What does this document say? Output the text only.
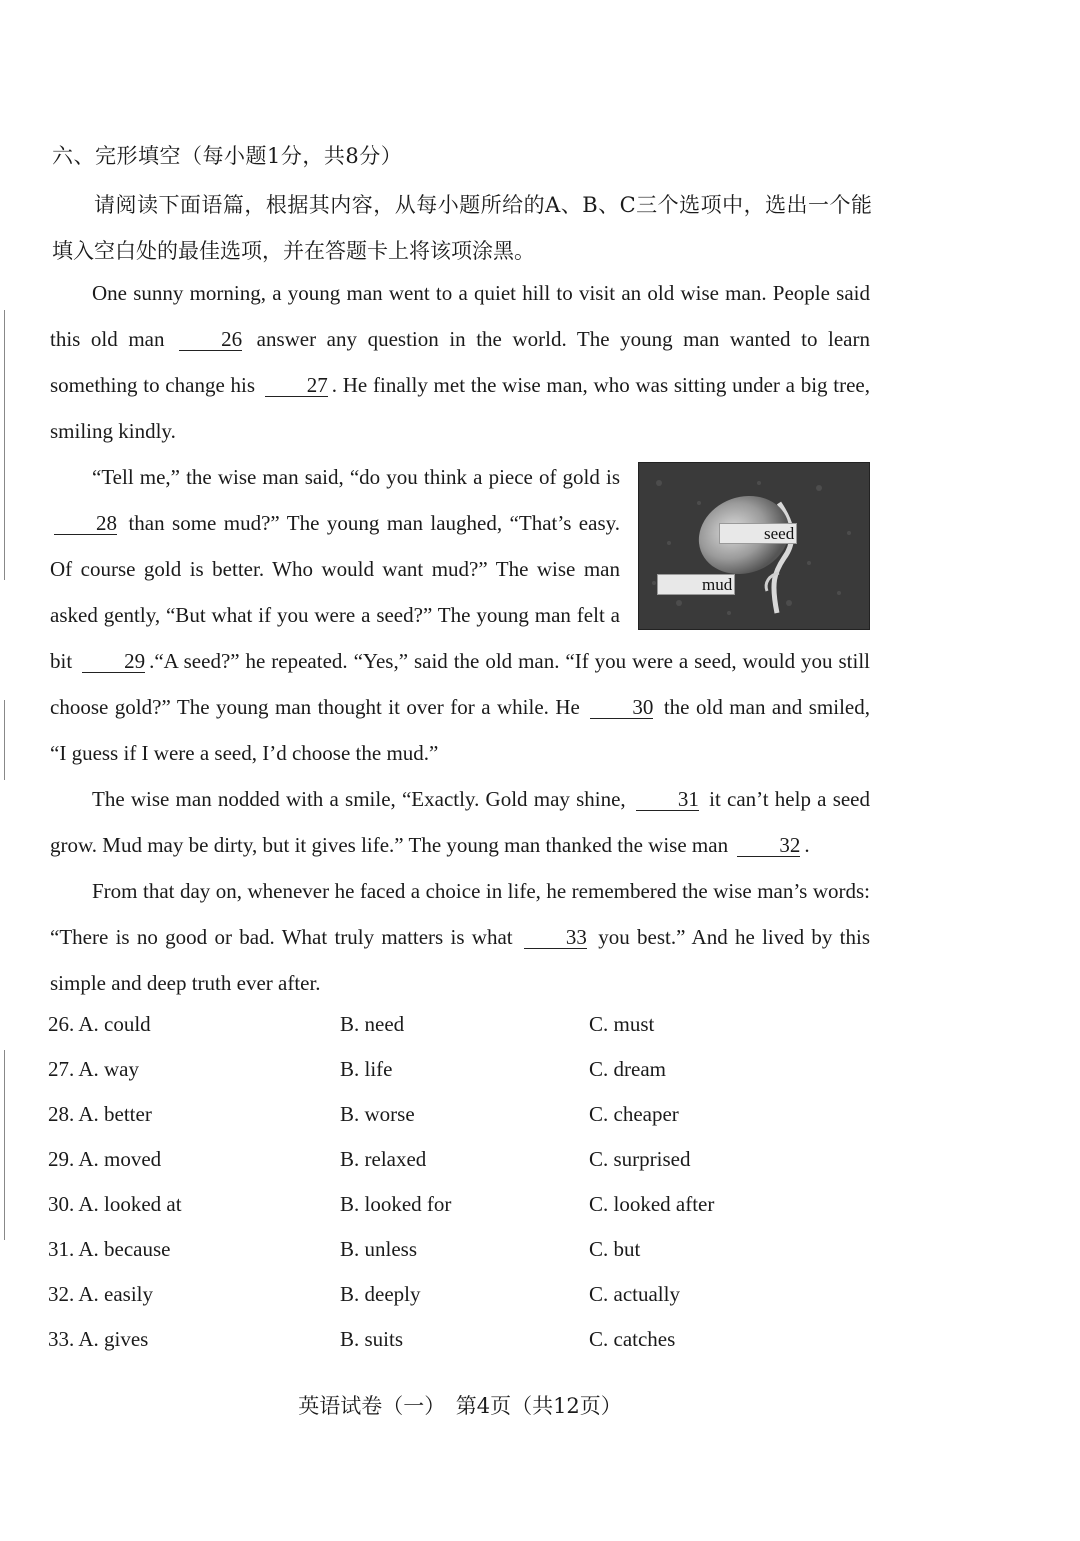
六、完形填空（每小题1分，共8分）
请阅读下面语篇，根据其内容，从每小题所给的A、B、C三个选项中，选出一个能填入空白处的最佳选项，并在答题卡上将该项涂黑。

One sunny morning, a young man went to a quiet hill to visit an old wise man. People said this old man	26 answer any question in the world. The young man wanted to learn something to change his 27 . He finally met the wise man, who was sitting under a big tree, smiling kindly.

seed
mud
“Tell me,” the wise man said, “do you think a piece of gold is 28 than some mud?” The young man laughed, “That’s easy. Of course gold is better. Who would want mud?” The wise man asked gently, “But what if you were a seed?” The young man felt a bit 29 .“A seed?” he repeated. “Yes,” said the old man. “If you were a seed, would you still choose gold?” The young man thought it over for a while. He 30 the old man and smiled, “I guess if I were a seed, I’d choose the mud.”

The wise man nodded with a smile, “Exactly. Gold may shine, 31 it can’t help a seed grow. Mud may be dirty, but it gives life.” The young man thanked the wise man 32 .

From that day on, whenever he faced a choice in life, he remembered the wise man’s words: “There is no good or bad. What truly matters is what	33 you best.” And he lived by this simple and deep truth ever after.

26. A. could	B. need	C. must
27. A. way	B. life	C. dream
28. A. better	B. worse	C. cheaper
29. A. moved	B. relaxed	C. surprised
30. A. looked at	B. looked for	C. looked after
31. A. because	B. unless	C. but
32. A. easily	B. deeply	C. actually
33. A. gives	B. suits	C. catches
英语试卷（一）　第4页（共12页）
